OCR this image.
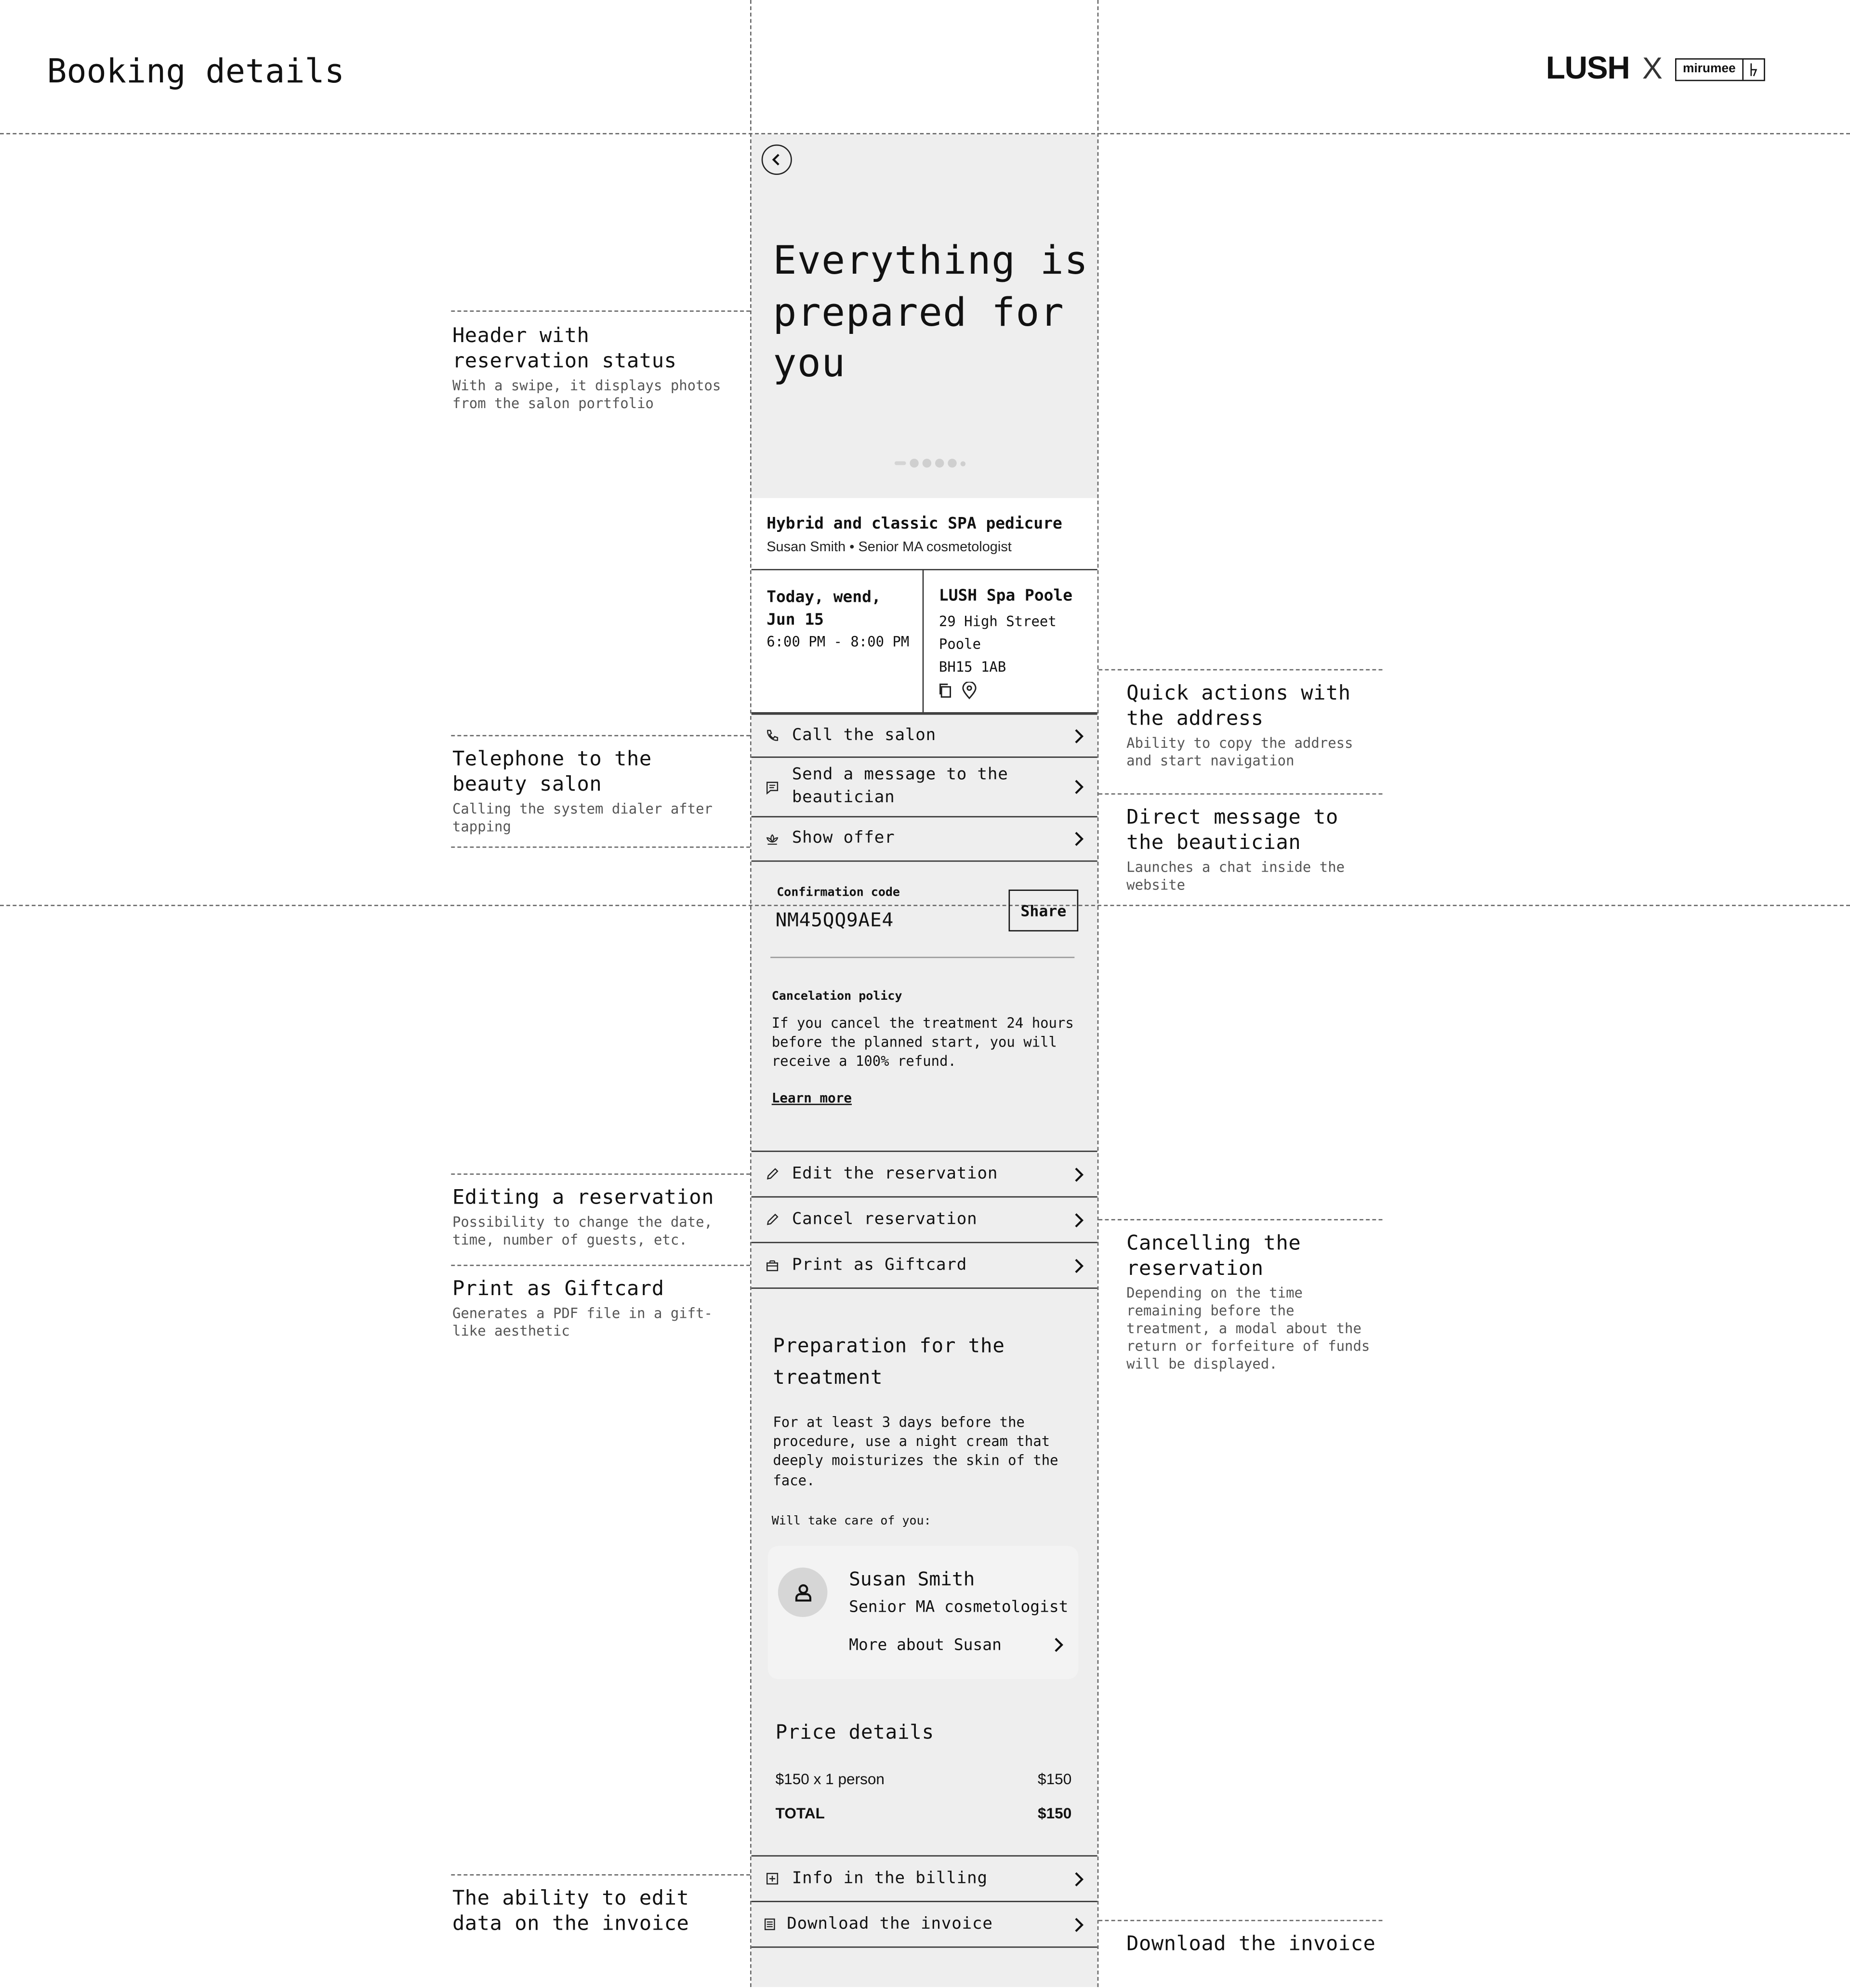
Booking details	LUSH X	mirumee
Everything is prepared for you
Hybrid and classic SPA pedicure
Susan Smith • Senior MA cosmetologist
Today, wend,
Jun 15
6:00 PM - 8:00 PM
LUSH Spa Poole
29 High Street
Poole
BH15 1AB
Call the salon
Send a message to the beautician
Show offer
Confirmation code
NM45QQ9AE4	Share
Cancelation policy
If you cancel the treatment 24 hours before the planned start, you will receive a 100% refund.
Learn more
Edit the reservation
Cancel reservation
Print as Giftcard
Preparation for the treatment
For at least 3 days before the procedure, use a night cream that deeply moisturizes the skin of the face.
Will take care of you:
Susan Smith
Senior MA cosmetologist
More about Susan
Price details
$150 x 1 person	$150
TOTAL	$150
Info in the billing
Download the invoice
Header with reservation status
With a swipe, it displays photos from the salon portfolio
Telephone to the beauty salon
Calling the system dialer after tapping
Editing a reservation
Possibility to change the date, time, number of guests, etc.
Print as Giftcard
Generates a PDF file in a gift-like aesthetic
The ability to edit data on the invoice
Quick actions with the address
Ability to copy the address and start navigation
Direct message to the beautician
Launches a chat inside the website
Cancelling the reservation
Depending on the time remaining before the treatment, a modal about the return or forfeiture of funds will be displayed.
Download the invoice
